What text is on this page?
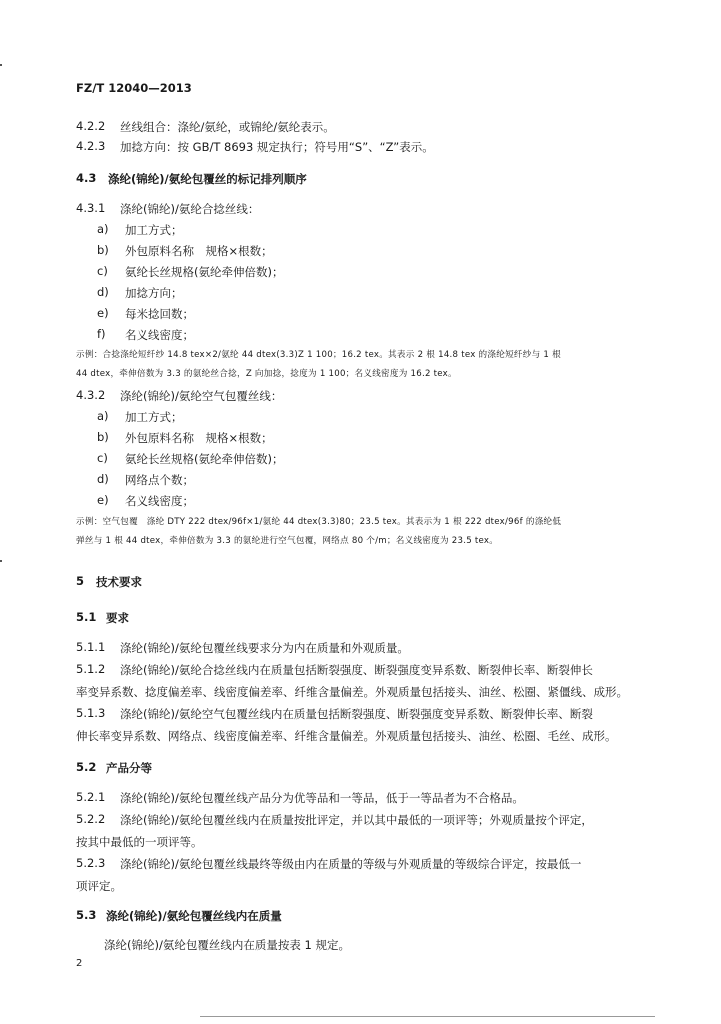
FZ/T 12040—2013
4.2.2 丝线组合：涤纶/氨纶，或锦纶/氨纶表示。
4.2.3 加捻方向：按 GB/T 8693 规定执行；符号用“S”、“Z”表示。
4.3 涤纶(锦纶)/氨纶包覆丝的标记排列顺序
4.3.1 涤纶(锦纶)/氨纶合捻丝线：
a) 加工方式；
b) 外包原料名称　规格×根数；
c) 氨纶长丝规格(氨纶牵伸倍数)；
d) 加捻方向；
e) 每米捻回数；
f) 名义线密度；
示例：合捻涤纶短纤纱 14.8 tex×2/氨纶 44 dtex(3.3)Z 1 100；16.2 tex。其表示 2 根 14.8 tex 的涤纶短纤纱与 1 根
44 dtex，牵伸倍数为 3.3 的氨纶丝合捻，Z 向加捻，捻度为 1 100；名义线密度为 16.2 tex。
4.3.2 涤纶(锦纶)/氨纶空气包覆丝线：
a) 加工方式；
b) 外包原料名称　规格×根数；
c) 氨纶长丝规格(氨纶牵伸倍数)；
d) 网络点个数；
e) 名义线密度；
示例：空气包覆　涤纶 DTY 222 dtex/96f×1/氨纶 44 dtex(3.3)80；23.5 tex。其表示为 1 根 222 dtex/96f 的涤纶低
弹丝与 1 根 44 dtex，牵伸倍数为 3.3 的氨纶进行空气包覆，网络点 80 个/m；名义线密度为 23.5 tex。
5 技术要求
5.1 要求
5.1.1 涤纶(锦纶)/氨纶包覆丝线要求分为内在质量和外观质量。
5.1.2 涤纶(锦纶)/氨纶合捻丝线内在质量包括断裂强度、断裂强度变异系数、断裂伸长率、断裂伸长
率变异系数、捻度偏差率、线密度偏差率、纤维含量偏差。外观质量包括接头、油丝、松圈、紧僵线、成形。
5.1.3 涤纶(锦纶)/氨纶空气包覆丝线内在质量包括断裂强度、断裂强度变异系数、断裂伸长率、断裂
伸长率变异系数、网络点、线密度偏差率、纤维含量偏差。外观质量包括接头、油丝、松圈、毛丝、成形。
5.2 产品分等
5.2.1 涤纶(锦纶)/氨纶包覆丝线产品分为优等品和一等品，低于一等品者为不合格品。
5.2.2 涤纶(锦纶)/氨纶包覆丝线内在质量按批评定，并以其中最低的一项评等；外观质量按个评定，
按其中最低的一项评等。
5.2.3 涤纶(锦纶)/氨纶包覆丝线最终等级由内在质量的等级与外观质量的等级综合评定，按最低一
项评定。
5.3 涤纶(锦纶)/氨纶包覆丝线内在质量
涤纶(锦纶)/氨纶包覆丝线内在质量按表 1 规定。
2
